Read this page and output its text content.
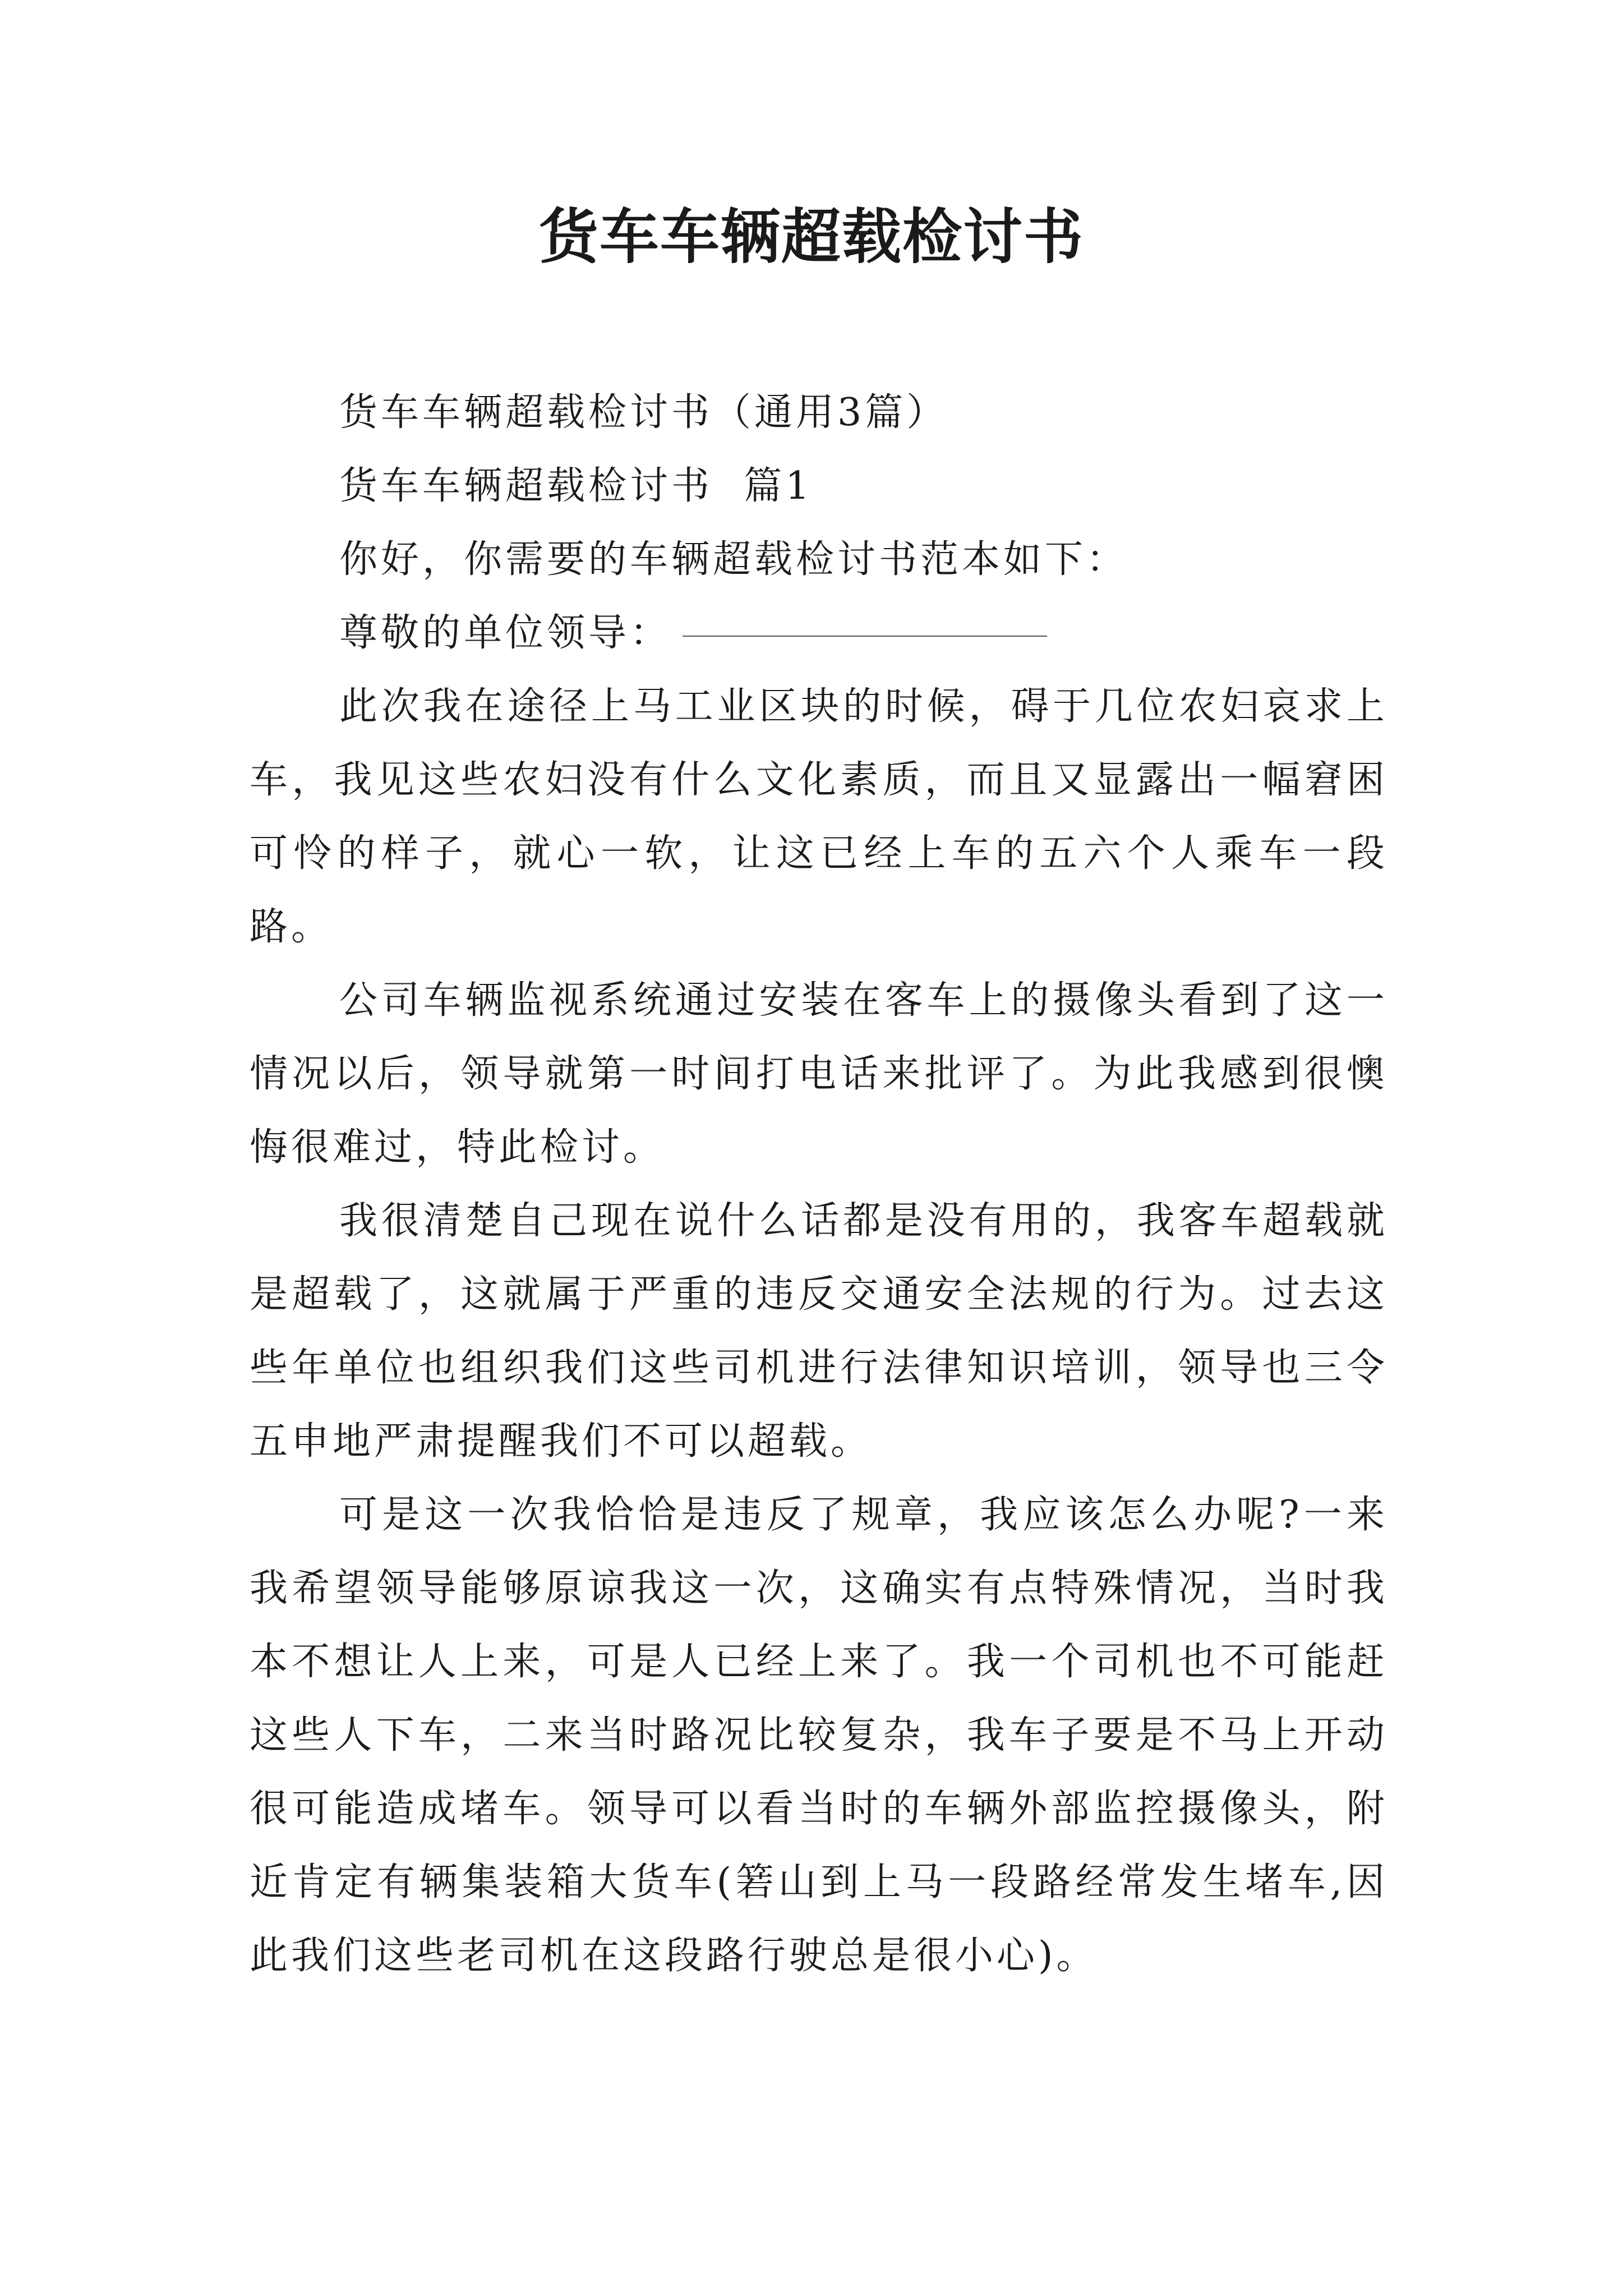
货车车辆超载检讨书

货车车辆超载检讨书（通用3篇）

货车车辆超载检讨书  篇1

你好，你需要的车辆超载检讨书范本如下：

尊敬的单位领导：

此次我在途径上马工业区块的时候，碍于几位农妇哀求上车，我见这些农妇没有什么文化素质，而且又显露出一幅窘困可怜的样子，就心一软，让这已经上车的五六个人乘车一段路。

公司车辆监视系统通过安装在客车上的摄像头看到了这一情况以后，领导就第一时间打电话来批评了。为此我感到很懊悔很难过，特此检讨。

我很清楚自己现在说什么话都是没有用的，我客车超载就是超载了，这就属于严重的违反交通安全法规的行为。过去这些年单位也组织我们这些司机进行法律知识培训，领导也三令五申地严肃提醒我们不可以超载。

可是这一次我恰恰是违反了规章，我应该怎么办呢?一来我希望领导能够原谅我这一次，这确实有点特殊情况，当时我本不想让人上来，可是人已经上来了。我一个司机也不可能赶这些人下车，二来当时路况比较复杂，我车子要是不马上开动很可能造成堵车。领导可以看当时的车辆外部监控摄像头，附近肯定有辆集装箱大货车(箬山到上马一段路经常发生堵车,因此我们这些老司机在这段路行驶总是很小心)。
